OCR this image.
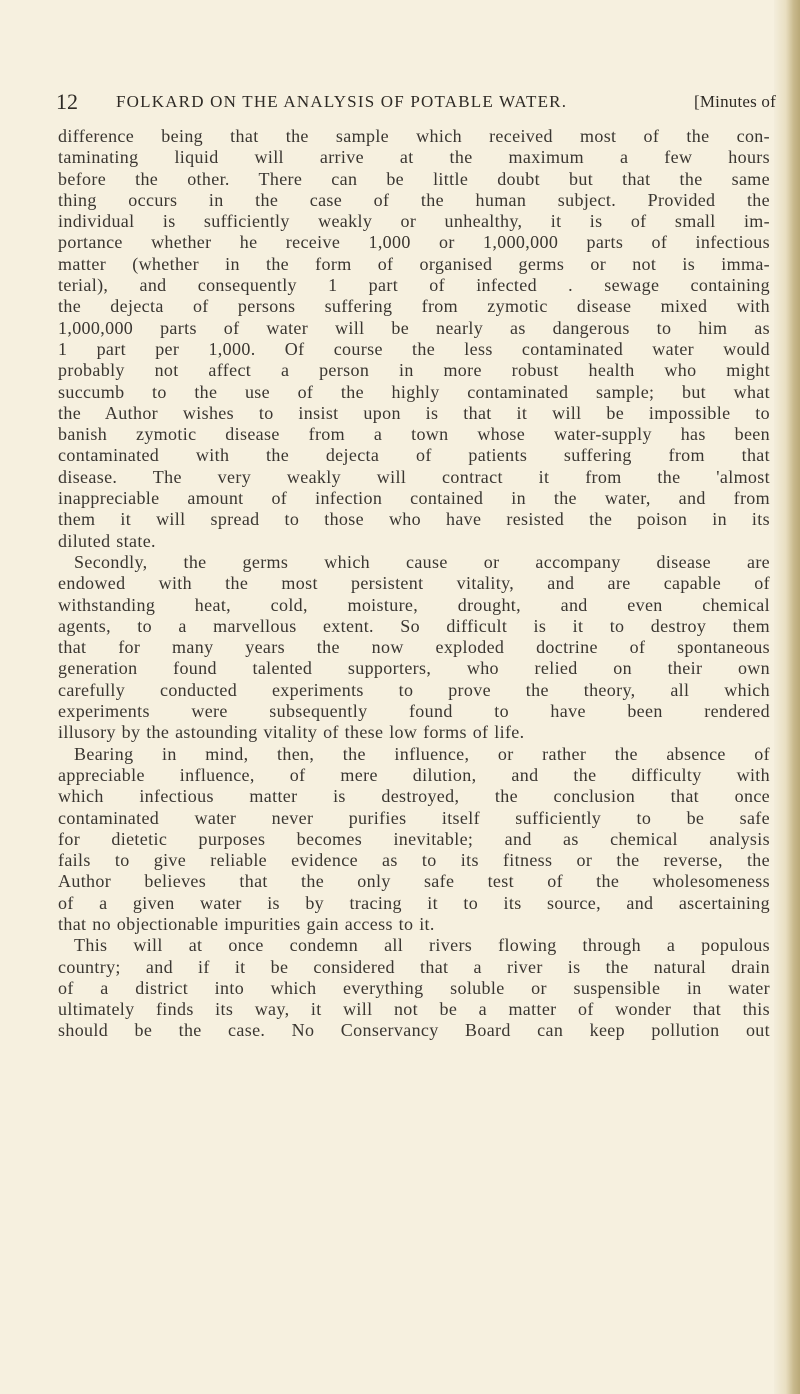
12 FOLKARD ON THE ANALYSIS OF POTABLE WATER.	[Minutes of
difference being that the sample which received most of the con-
taminating liquid will arrive at the maximum a few hours
before the other. There can be little doubt but that the same
thing occurs in the case of the human subject. Provided the
individual is sufficiently weakly or unhealthy, it is of small im-
portance whether he receive 1,000 or 1,000,000 parts of infectious
matter (whether in the form of organised germs or not is imma-
terial), and consequently 1 part of infected . sewage containing
the dejecta of persons suffering from zymotic disease mixed with
1,000,000 parts of water will be nearly as dangerous to him as
1 part per 1,000. Of course the less contaminated water would
probably not affect a person in more robust health who might
succumb to the use of the highly contaminated sample; but what
the Author wishes to insist upon is that it will be impossible to
banish zymotic disease from a town whose water-supply has been
contaminated with the dejecta of patients suffering from that
disease. The very weakly will contract it from the 'almost
inappreciable amount of infection contained in the water, and from
them it will spread to those who have resisted the poison in its
diluted state.
Secondly, the germs which cause or accompany disease are
endowed with the most persistent vitality, and are capable of
withstanding heat, cold, moisture, drought, and even chemical
agents, to a marvellous extent. So difficult is it to destroy them
that for many years the now exploded doctrine of spontaneous
generation found talented supporters, who relied on their own
carefully conducted experiments to prove the theory, all which
experiments were subsequently found to have been rendered
illusory by the astounding vitality of these low forms of life.
Bearing in mind, then, the influence, or rather the absence of
appreciable influence, of mere dilution, and the difficulty with
which infectious matter is destroyed, the conclusion that once
contaminated water never purifies itself sufficiently to be safe
for dietetic purposes becomes inevitable; and as chemical analysis
fails to give reliable evidence as to its fitness or the reverse, the
Author believes that the only safe test of the wholesomeness
of a given water is by tracing it to its source, and ascertaining
that no objectionable impurities gain access to it.
This will at once condemn all rivers flowing through a populous
country; and if it be considered that a river is the natural drain
of a district into which everything soluble or suspensible in water
ultimately finds its way, it will not be a matter of wonder that this
should be the case. No Conservancy Board can keep pollution out
